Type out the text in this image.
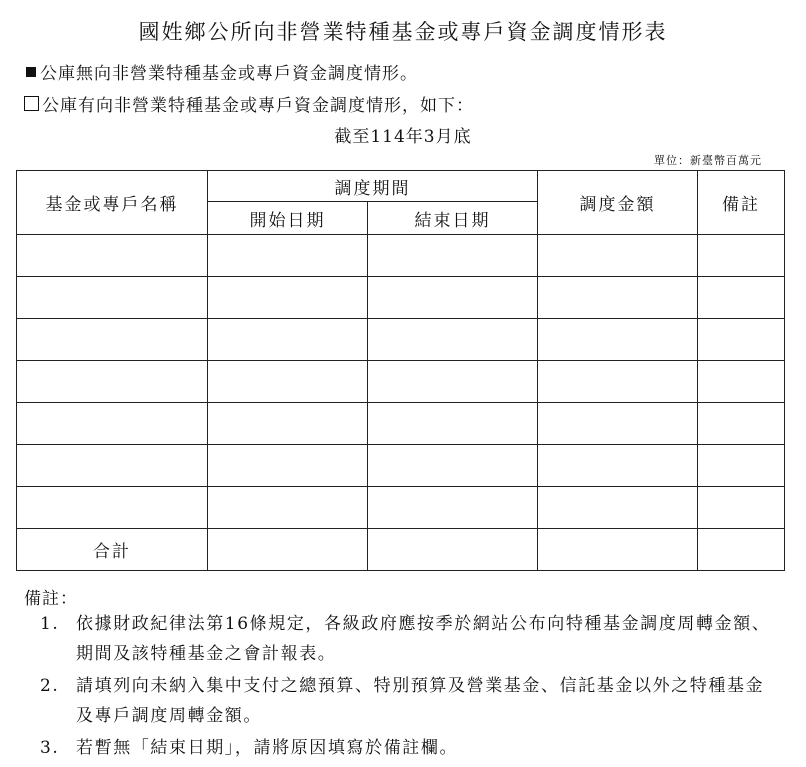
國姓鄉公所向非營業特種基金或專戶資金調度情形表
公庫無向非營業特種基金或專戶資金調度情形。
公庫有向非營業特種基金或專戶資金調度情形，如下：
截至114年3月底
單位：新臺幣百萬元
基金或專戶名稱	調度期間		調度金額	備註
	開始日期	結束日期		

合計				
備註：
1. 依據財政紀律法第16條規定，各級政府應按季於網站公布向特種基金調度周轉金額、期間及該特種基金之會計報表。
2. 請填列向未納入集中支付之總預算、特別預算及營業基金、信託基金以外之特種基金及專戶調度周轉金額。
3. 若暫無「結束日期」，請將原因填寫於備註欄。
